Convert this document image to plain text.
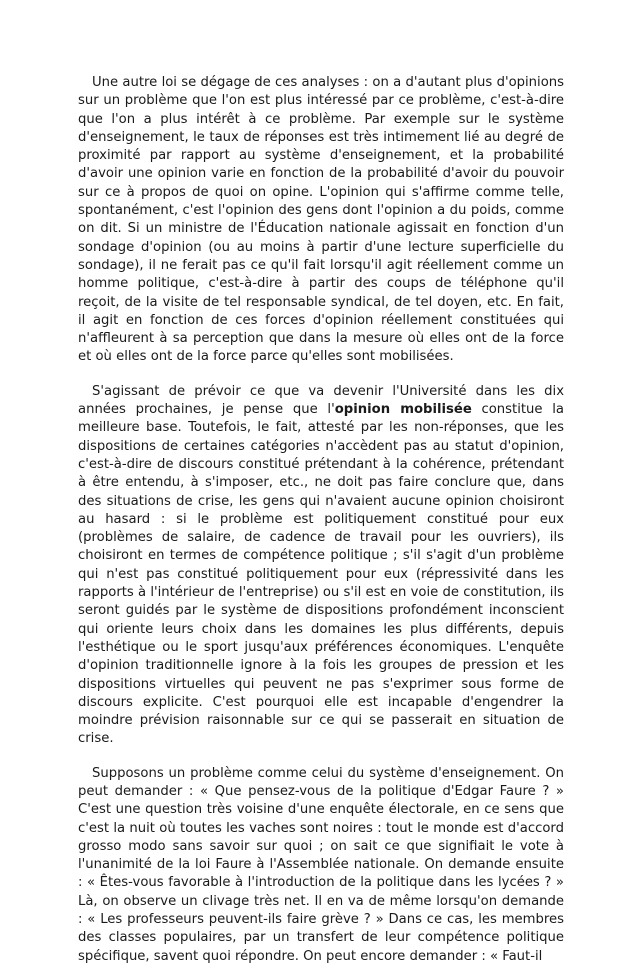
Une autre loi se dégage de ces analyses : on a d'autant plus d'opinions sur un problème que l'on est plus intéressé par ce problème, c'est-à-dire que l'on a plus intérêt à ce problème. Par exemple sur le système d'enseignement, le taux de réponses est très intimement lié au degré de proximité par rapport au système d'enseignement, et la probabilité d'avoir une opinion varie en fonction de la probabilité d'avoir du pouvoir sur ce à propos de quoi on opine. L'opinion qui s'affirme comme telle, spontanément, c'est l'opinion des gens dont l'opinion a du poids, comme on dit. Si un ministre de l'Éducation nationale agissait en fonction d'un sondage d'opinion (ou au moins à partir d'une lecture superficielle du sondage), il ne ferait pas ce qu'il fait lorsqu'il agit réellement comme un homme politique, c'est-à-dire à partir des coups de téléphone qu'il reçoit, de la visite de tel responsable syndical, de tel doyen, etc. En fait, il agit en fonction de ces forces d'opinion réellement constituées qui n'affleurent à sa perception que dans la mesure où elles ont de la force et où elles ont de la force parce qu'elles sont mobilisées.

S'agissant de prévoir ce que va devenir l'Université dans les dix années prochaines, je pense que l'opinion mobilisée constitue la meilleure base. Toutefois, le fait, attesté par les non-réponses, que les dispositions de certaines catégories n'accèdent pas au statut d'opinion, c'est-à-dire de discours constitué prétendant à la cohérence, prétendant à être entendu, à s'imposer, etc., ne doit pas faire conclure que, dans des situations de crise, les gens qui n'avaient aucune opinion choisiront au hasard : si le problème est politiquement constitué pour eux (problèmes de salaire, de cadence de travail pour les ouvriers), ils choisiront en termes de compétence politique ; s'il s'agit d'un problème qui n'est pas constitué politiquement pour eux (répressivité dans les rapports à l'intérieur de l'entreprise) ou s'il est en voie de constitution, ils seront guidés par le système de dispositions profondément inconscient qui oriente leurs choix dans les domaines les plus différents, depuis l'esthétique ou le sport jusqu'aux préférences économiques. L'enquête d'opinion traditionnelle ignore à la fois les groupes de pression et les dispositions virtuelles qui peuvent ne pas s'exprimer sous forme de discours explicite. C'est pourquoi elle est incapable d'engendrer la moindre prévision raisonnable sur ce qui se passerait en situation de crise.

Supposons un problème comme celui du système d'enseignement. On peut demander : « Que pensez-vous de la politique d'Edgar Faure ? » C'est une question très voisine d'une enquête électorale, en ce sens que c'est la nuit où toutes les vaches sont noires : tout le monde est d'accord grosso modo sans savoir sur quoi ; on sait ce que signifiait le vote à l'unanimité de la loi Faure à l'Assemblée nationale. On demande ensuite : « Êtes-vous favorable à l'introduction de la politique dans les lycées ? » Là, on observe un clivage très net. Il en va de même lorsqu'on demande : « Les professeurs peuvent-ils faire grève ? » Dans ce cas, les membres des classes populaires, par un transfert de leur compétence politique spécifique, savent quoi répondre. On peut encore demander : « Faut-il
